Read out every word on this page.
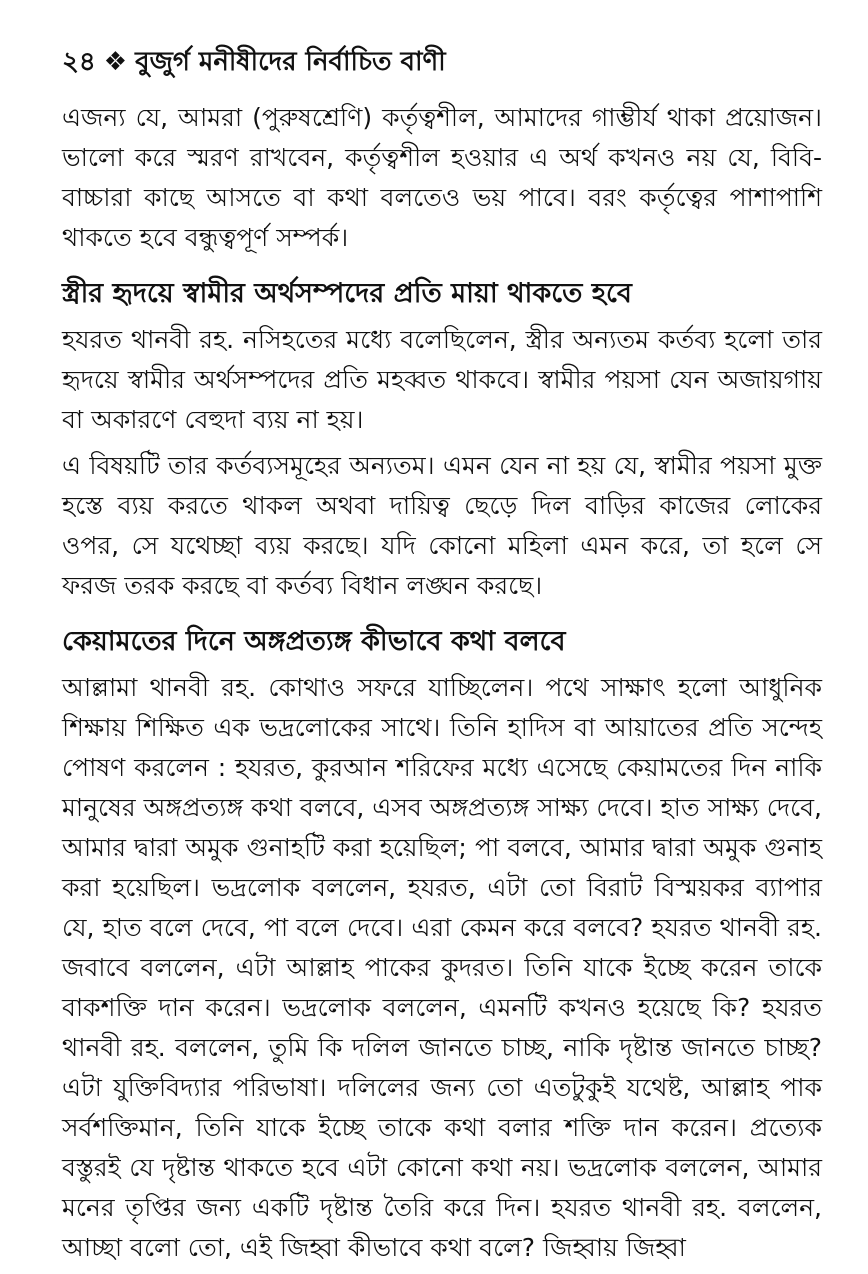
২৪ ❖ বুজুর্গ মনীষীদের নির্বাচিত বাণী

এজন্য যে, আমরা (পুরুষশ্রেণি) কর্তৃত্বশীল, আমাদের গাম্ভীর্য থাকা প্রয়োজন। ভালো করে স্মরণ রাখবেন, কর্তৃত্বশীল হওয়ার এ অর্থ কখনও নয় যে, বিবি-বাচ্চারা কাছে আসতে বা কথা বলতেও ভয় পাবে। বরং কর্তৃত্বের পাশাপাশি থাকতে হবে বন্ধুত্বপূর্ণ সম্পর্ক।

স্ত্রীর হৃদয়ে স্বামীর অর্থসম্পদের প্রতি মায়া থাকতে হবে

হযরত থানবী রহ. নসিহতের মধ্যে বলেছিলেন, স্ত্রীর অন্যতম কর্তব্য হলো তার হৃদয়ে স্বামীর অর্থসম্পদের প্রতি মহব্বত থাকবে। স্বামীর পয়সা যেন অজায়গায় বা অকারণে বেহুদা ব্যয় না হয়।

এ বিষয়টি তার কর্তব্যসমূহের অন্যতম। এমন যেন না হয় যে, স্বামীর পয়সা মুক্ত হস্তে ব্যয় করতে থাকল অথবা দায়িত্ব ছেড়ে দিল বাড়ির কাজের লোকের ওপর, সে যথেচ্ছা ব্যয় করছে। যদি কোনো মহিলা এমন করে, তা হলে সে ফরজ তরক করছে বা কর্তব্য বিধান লঙ্ঘন করছে।

কেয়ামতের দিনে অঙ্গপ্রত্যঙ্গ কীভাবে কথা বলবে

আল্লামা থানবী রহ. কোথাও সফরে যাচ্ছিলেন। পথে সাক্ষাৎ হলো আধুনিক শিক্ষায় শিক্ষিত এক ভদ্রলোকের সাথে। তিনি হাদিস বা আয়াতের প্রতি সন্দেহ পোষণ করলেন : হযরত, কুরআন শরিফের মধ্যে এসেছে কেয়ামতের দিন নাকি মানুষের অঙ্গপ্রত্যঙ্গ কথা বলবে, এসব অঙ্গপ্রত্যঙ্গ সাক্ষ্য দেবে। হাত সাক্ষ্য দেবে, আমার দ্বারা অমুক গুনাহটি করা হয়েছিল; পা বলবে, আমার দ্বারা অমুক গুনাহ করা হয়েছিল। ভদ্রলোক বললেন, হযরত, এটা তো বিরাট বিস্ময়কর ব্যাপার যে, হাত বলে দেবে, পা বলে দেবে। এরা কেমন করে বলবে? হযরত থানবী রহ. জবাবে বললেন, এটা আল্লাহ পাকের কুদরত। তিনি যাকে ইচ্ছে করেন তাকে বাকশক্তি দান করেন। ভদ্রলোক বললেন, এমনটি কখনও হয়েছে কি? হযরত থানবী রহ. বললেন, তুমি কি দলিল জানতে চাচ্ছ, নাকি দৃষ্টান্ত জানতে চাচ্ছ? এটা যুক্তিবিদ্যার পরিভাষা। দলিলের জন্য তো এতটুকুই যথেষ্ট, আল্লাহ পাক সর্বশক্তিমান, তিনি যাকে ইচ্ছে তাকে কথা বলার শক্তি দান করেন। প্রত্যেক বস্তুরই যে দৃষ্টান্ত থাকতে হবে এটা কোনো কথা নয়। ভদ্রলোক বললেন, আমার মনের তৃপ্তির জন্য একটি দৃষ্টান্ত তৈরি করে দিন। হযরত থানবী রহ. বললেন, আচ্ছা বলো তো, এই জিহ্বা কীভাবে কথা বলে? জিহ্বায় জিহ্বা
